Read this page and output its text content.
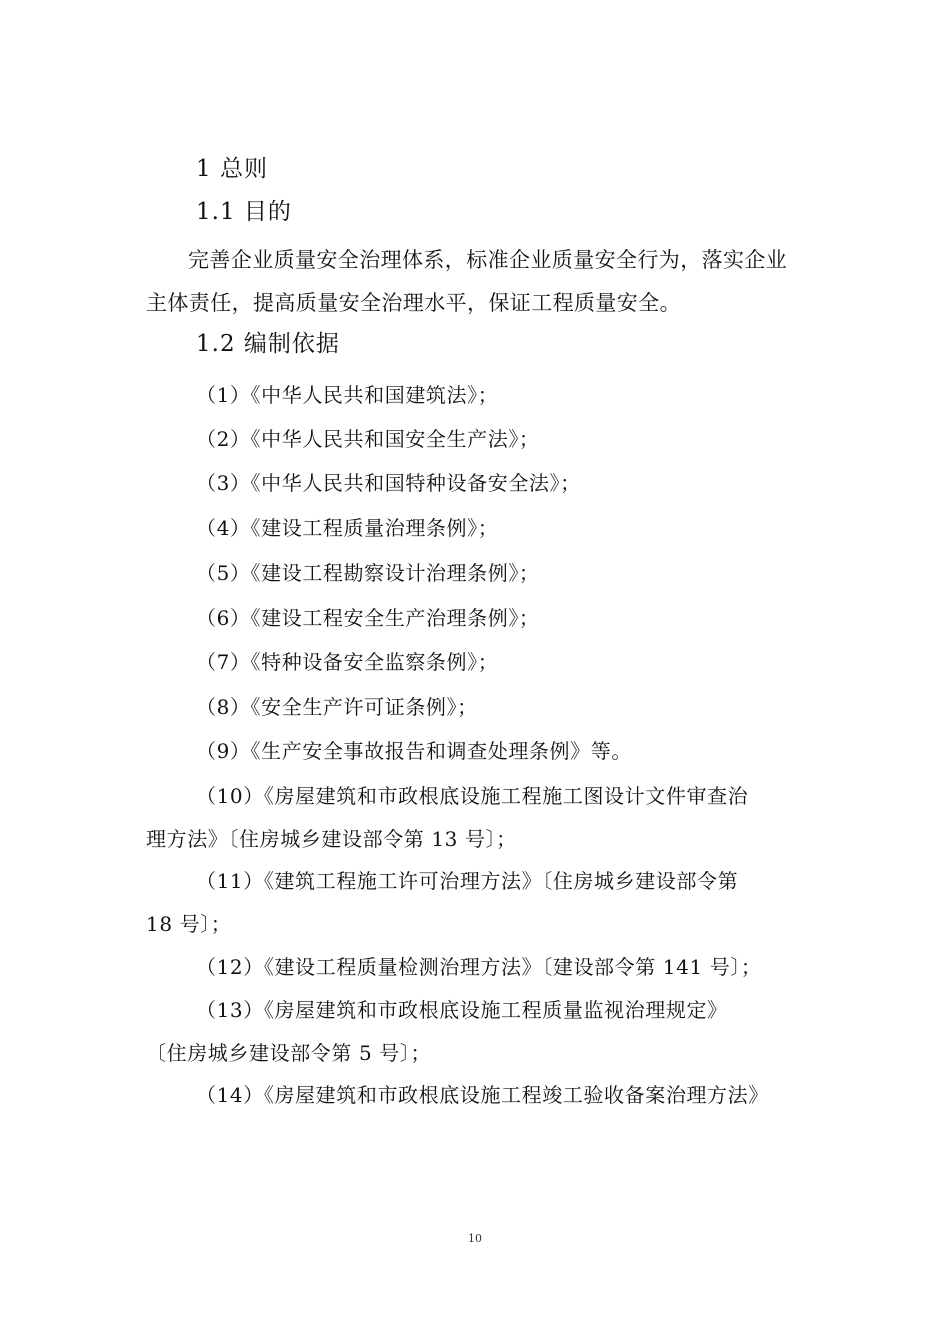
1 总则
1.1 目的
完善企业质量安全治理体系，标准企业质量安全行为，落实企业
主体责任，提高质量安全治理水平，保证工程质量安全。
1.2 编制依据
（1）《中华人民共和国建筑法》；
（2）《中华人民共和国安全生产法》；
（3）《中华人民共和国特种设备安全法》；
（4）《建设工程质量治理条例》；
（5）《建设工程勘察设计治理条例》；
（6）《建设工程安全生产治理条例》；
（7）《特种设备安全监察条例》；
（8）《安全生产许可证条例》；
（9）《生产安全事故报告和调查处理条例》等。
（10）《房屋建筑和市政根底设施工程施工图设计文件审查治
理方法》〔住房城乡建设部令第 13 号〕；
（11）《建筑工程施工许可治理方法》〔住房城乡建设部令第
18 号〕；
（12）《建设工程质量检测治理方法》〔建设部令第 141 号〕；
（13）《房屋建筑和市政根底设施工程质量监视治理规定》
〔住房城乡建设部令第 5 号〕；
（14）《房屋建筑和市政根底设施工程竣工验收备案治理方法》
10
